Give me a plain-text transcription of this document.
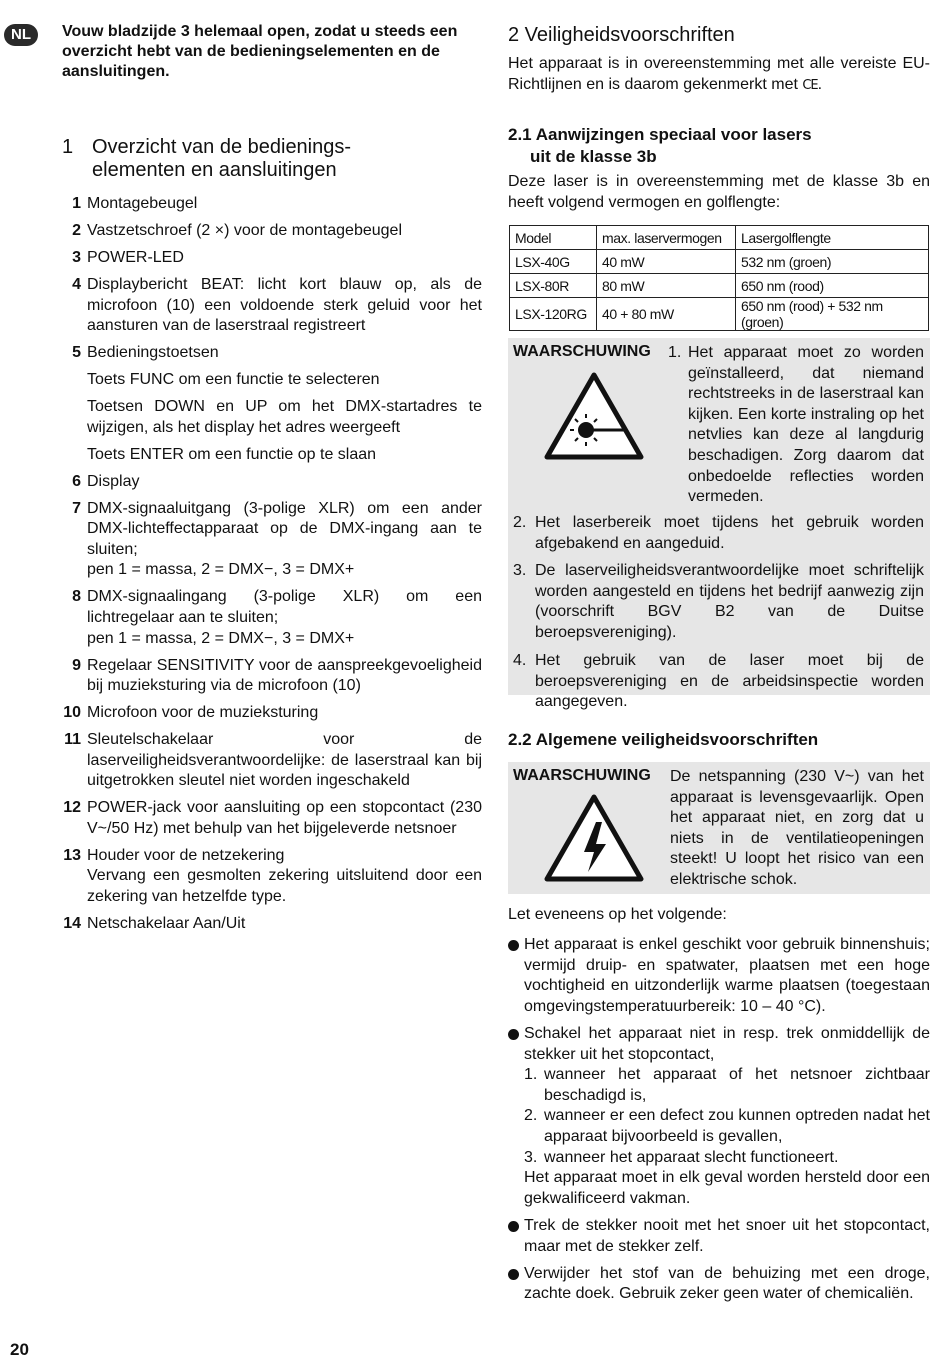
NL	Vouw bladzijde 3 helemaal open, zodat u steeds een overzicht hebt van de bedieningselementen en de aansluitingen.
1 Overzicht van de bedienings-
elementen en aansluitingen
1 Montagebeugel
2 Vastzetschroef (2 ×) voor de montagebeugel
3 POWER-LED
4 Displaybericht BEAT: licht kort blauw op, als de microfoon (10) een voldoende sterk geluid voor het aansturen van de laserstraal registreert
5 Bedieningstoetsen
Toets FUNC om een functie te selecteren
Toetsen DOWN en UP om het DMX-startadres te wijzigen, als het display het adres weergeeft
Toets ENTER om een functie op te slaan
6 Display
7 DMX-signaaluitgang (3-polige XLR) om een ander DMX-lichteffectapparaat op de DMX-ingang aan te sluiten;
pen 1 = massa, 2 = DMX−, 3 = DMX+
8 DMX-signaalingang (3-polige XLR) om een lichtregelaar aan te sluiten;
pen 1 = massa, 2 = DMX−, 3 = DMX+
9 Regelaar SENSITIVITY voor de aanspreekgevoeligheid bij muzieksturing via de microfoon (10)
10 Microfoon voor de muzieksturing
11 Sleutelschakelaar voor de laserveiligheidsverantwoordelijke: de laserstraal kan bij uitgetrokken sleutel niet worden ingeschakeld
12 POWER-jack voor aansluiting op een stopcontact (230 V~/50 Hz) met behulp van het bijgeleverde netsnoer
13 Houder voor de netzekering
Vervang een gesmolten zekering uitsluitend door een zekering van hetzelfde type.
14 Netschakelaar Aan/Uit
2 Veiligheidsvoorschriften
Het apparaat is in overeenstemming met alle vereiste EU-Richtlijnen en is daarom gekenmerkt met CE.
2.1 Aanwijzingen speciaal voor lasers
uit de klasse 3b
Deze laser is in overeenstemming met de klasse 3b en heeft volgend vermogen en golflengte:
Model	max. laservermogen	Lasergolflengte
LSX-40G	40 mW	532 nm (groen)
LSX-80R	80 mW	650 nm (rood)
LSX-120RG	40 + 80 mW	650 nm (rood) + 532 nm (groen)
WAARSCHUWING 1. Het apparaat moet zo worden geïnstalleerd, dat niemand rechtstreeks in de laserstraal kan kijken. Een korte instraling op het netvlies kan deze al langdurig beschadigen. Zorg daarom dat onbedoelde reflecties worden vermeden.
2. Het laserbereik moet tijdens het gebruik worden afgebakend en aangeduid.
3. De laserveiligheidsverantwoordelijke moet schriftelijk worden aangesteld en tijdens het bedrijf aanwezig zijn (voorschrift BGV B2 van de Duitse beroepsvereniging).
4. Het gebruik van de laser moet bij de beroepsvereniging en de arbeidsinspectie worden aangegeven.
2.2 Algemene veiligheidsvoorschriften
WAARSCHUWING De netspanning (230 V~) van het apparaat is levensgevaarlijk. Open het apparaat niet, en zorg dat u niets in de ventilatieopeningen steekt! U loopt het risico van een elektrische schok.
Let eveneens op het volgende:
Het apparaat is enkel geschikt voor gebruik binnenshuis; vermijd druip- en spatwater, plaatsen met een hoge vochtigheid en uitzonderlijk warme plaatsen (toegestaan omgevingstemperatuurbereik: 10 – 40 °C).
Schakel het apparaat niet in resp. trek onmiddellijk de stekker uit het stopcontact,
1. wanneer het apparaat of het netsnoer zichtbaar beschadigd is,
2. wanneer er een defect zou kunnen optreden nadat het apparaat bijvoorbeeld is gevallen,
3. wanneer het apparaat slecht functioneert.
Het apparaat moet in elk geval worden hersteld door een gekwalificeerd vakman.
Trek de stekker nooit met het snoer uit het stopcontact, maar met de stekker zelf.
Verwijder het stof van de behuizing met een droge, zachte doek. Gebruik zeker geen water of chemicaliën.
20
